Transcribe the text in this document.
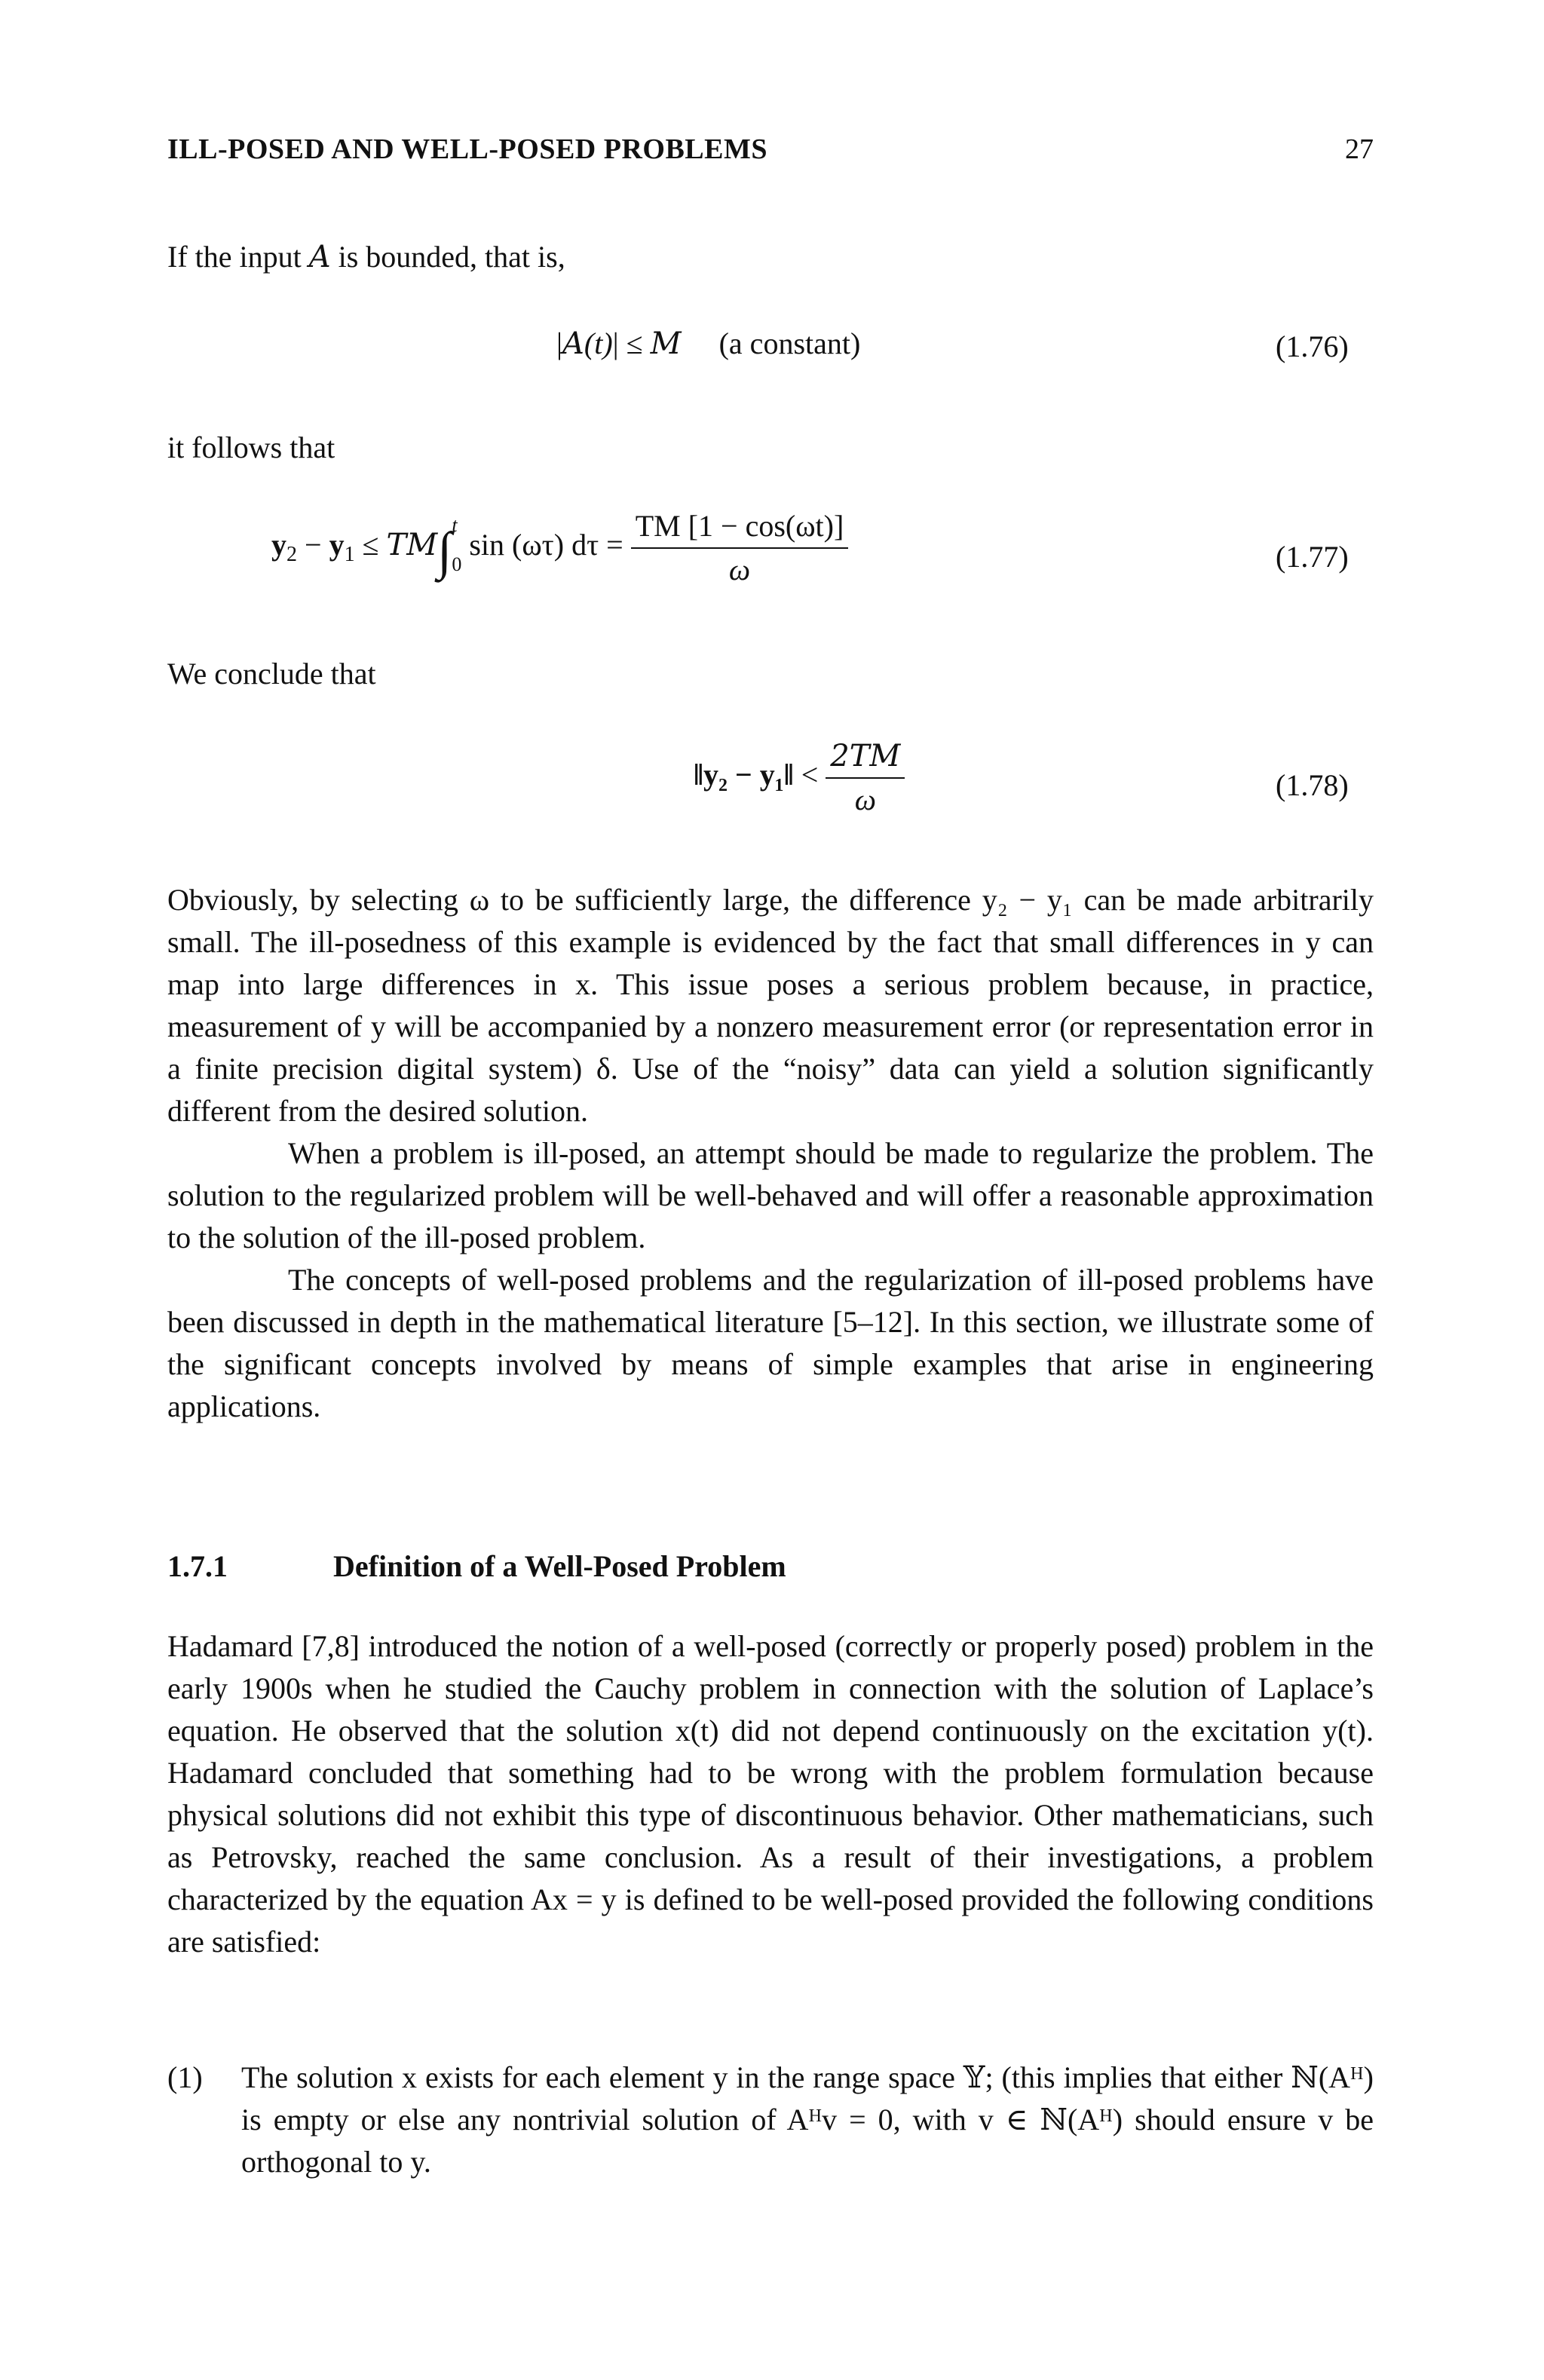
ILL-POSED AND WELL-POSED PROBLEMS	27
If the input A is bounded, that is,
|A(t)| ≤ M (a constant)	(1.76)
it follows that
$y_2 - y_1 \le TM\int$ t
0
sin (ωτ) $d\tau = \frac{TM [1 - \cos(\omega t)]}{\omega}$	(1.77)
We conclude that
‖y₂ − y₁‖ < $\frac{2TM}{\omega}$	(1.78)

Obviously, by selecting ω to be sufficiently large, the difference y₂ − y₁ can be made arbitrarily small. The ill-posedness of this example is evidenced by the fact that small differences in y can map into large differences in x. This issue poses a serious problem because, in practice, measurement of y will be accompanied by a nonzero measurement error (or representation error in a finite precision digital system) δ. Use of the “noisy” data can yield a solution significantly different from the desired solution.

When a problem is ill-posed, an attempt should be made to regularize the problem. The solution to the regularized problem will be well-behaved and will offer a reasonable approximation to the solution of the ill-posed problem.

The concepts of well-posed problems and the regularization of ill-posed problems have been discussed in depth in the mathematical literature [5–12]. In this section, we illustrate some of the significant concepts involved by means of simple examples that arise in engineering applications.

1.7.1	Definition of a Well-Posed Problem

Hadamard [7,8] introduced the notion of a well-posed (correctly or properly posed) problem in the early 1900s when he studied the Cauchy problem in connection with the solution of Laplace’s equation. He observed that the solution x(t) did not depend continuously on the excitation y(t). Hadamard concluded that something had to be wrong with the problem formulation because physical solutions did not exhibit this type of discontinuous behavior. Other mathematicians, such as Petrovsky, reached the same conclusion. As a result of their investigations, a problem characterized by the equation Ax = y is defined to be well-posed provided the following conditions are satisfied:

(1) The solution x exists for each element y in the range space 𝕐; (this implies that either ℕ(Aᴴ) is empty or else any nontrivial solution of Aᴴv = 0, with v ∈ ℕ(Aᴴ) should ensure v be orthogonal to y.
